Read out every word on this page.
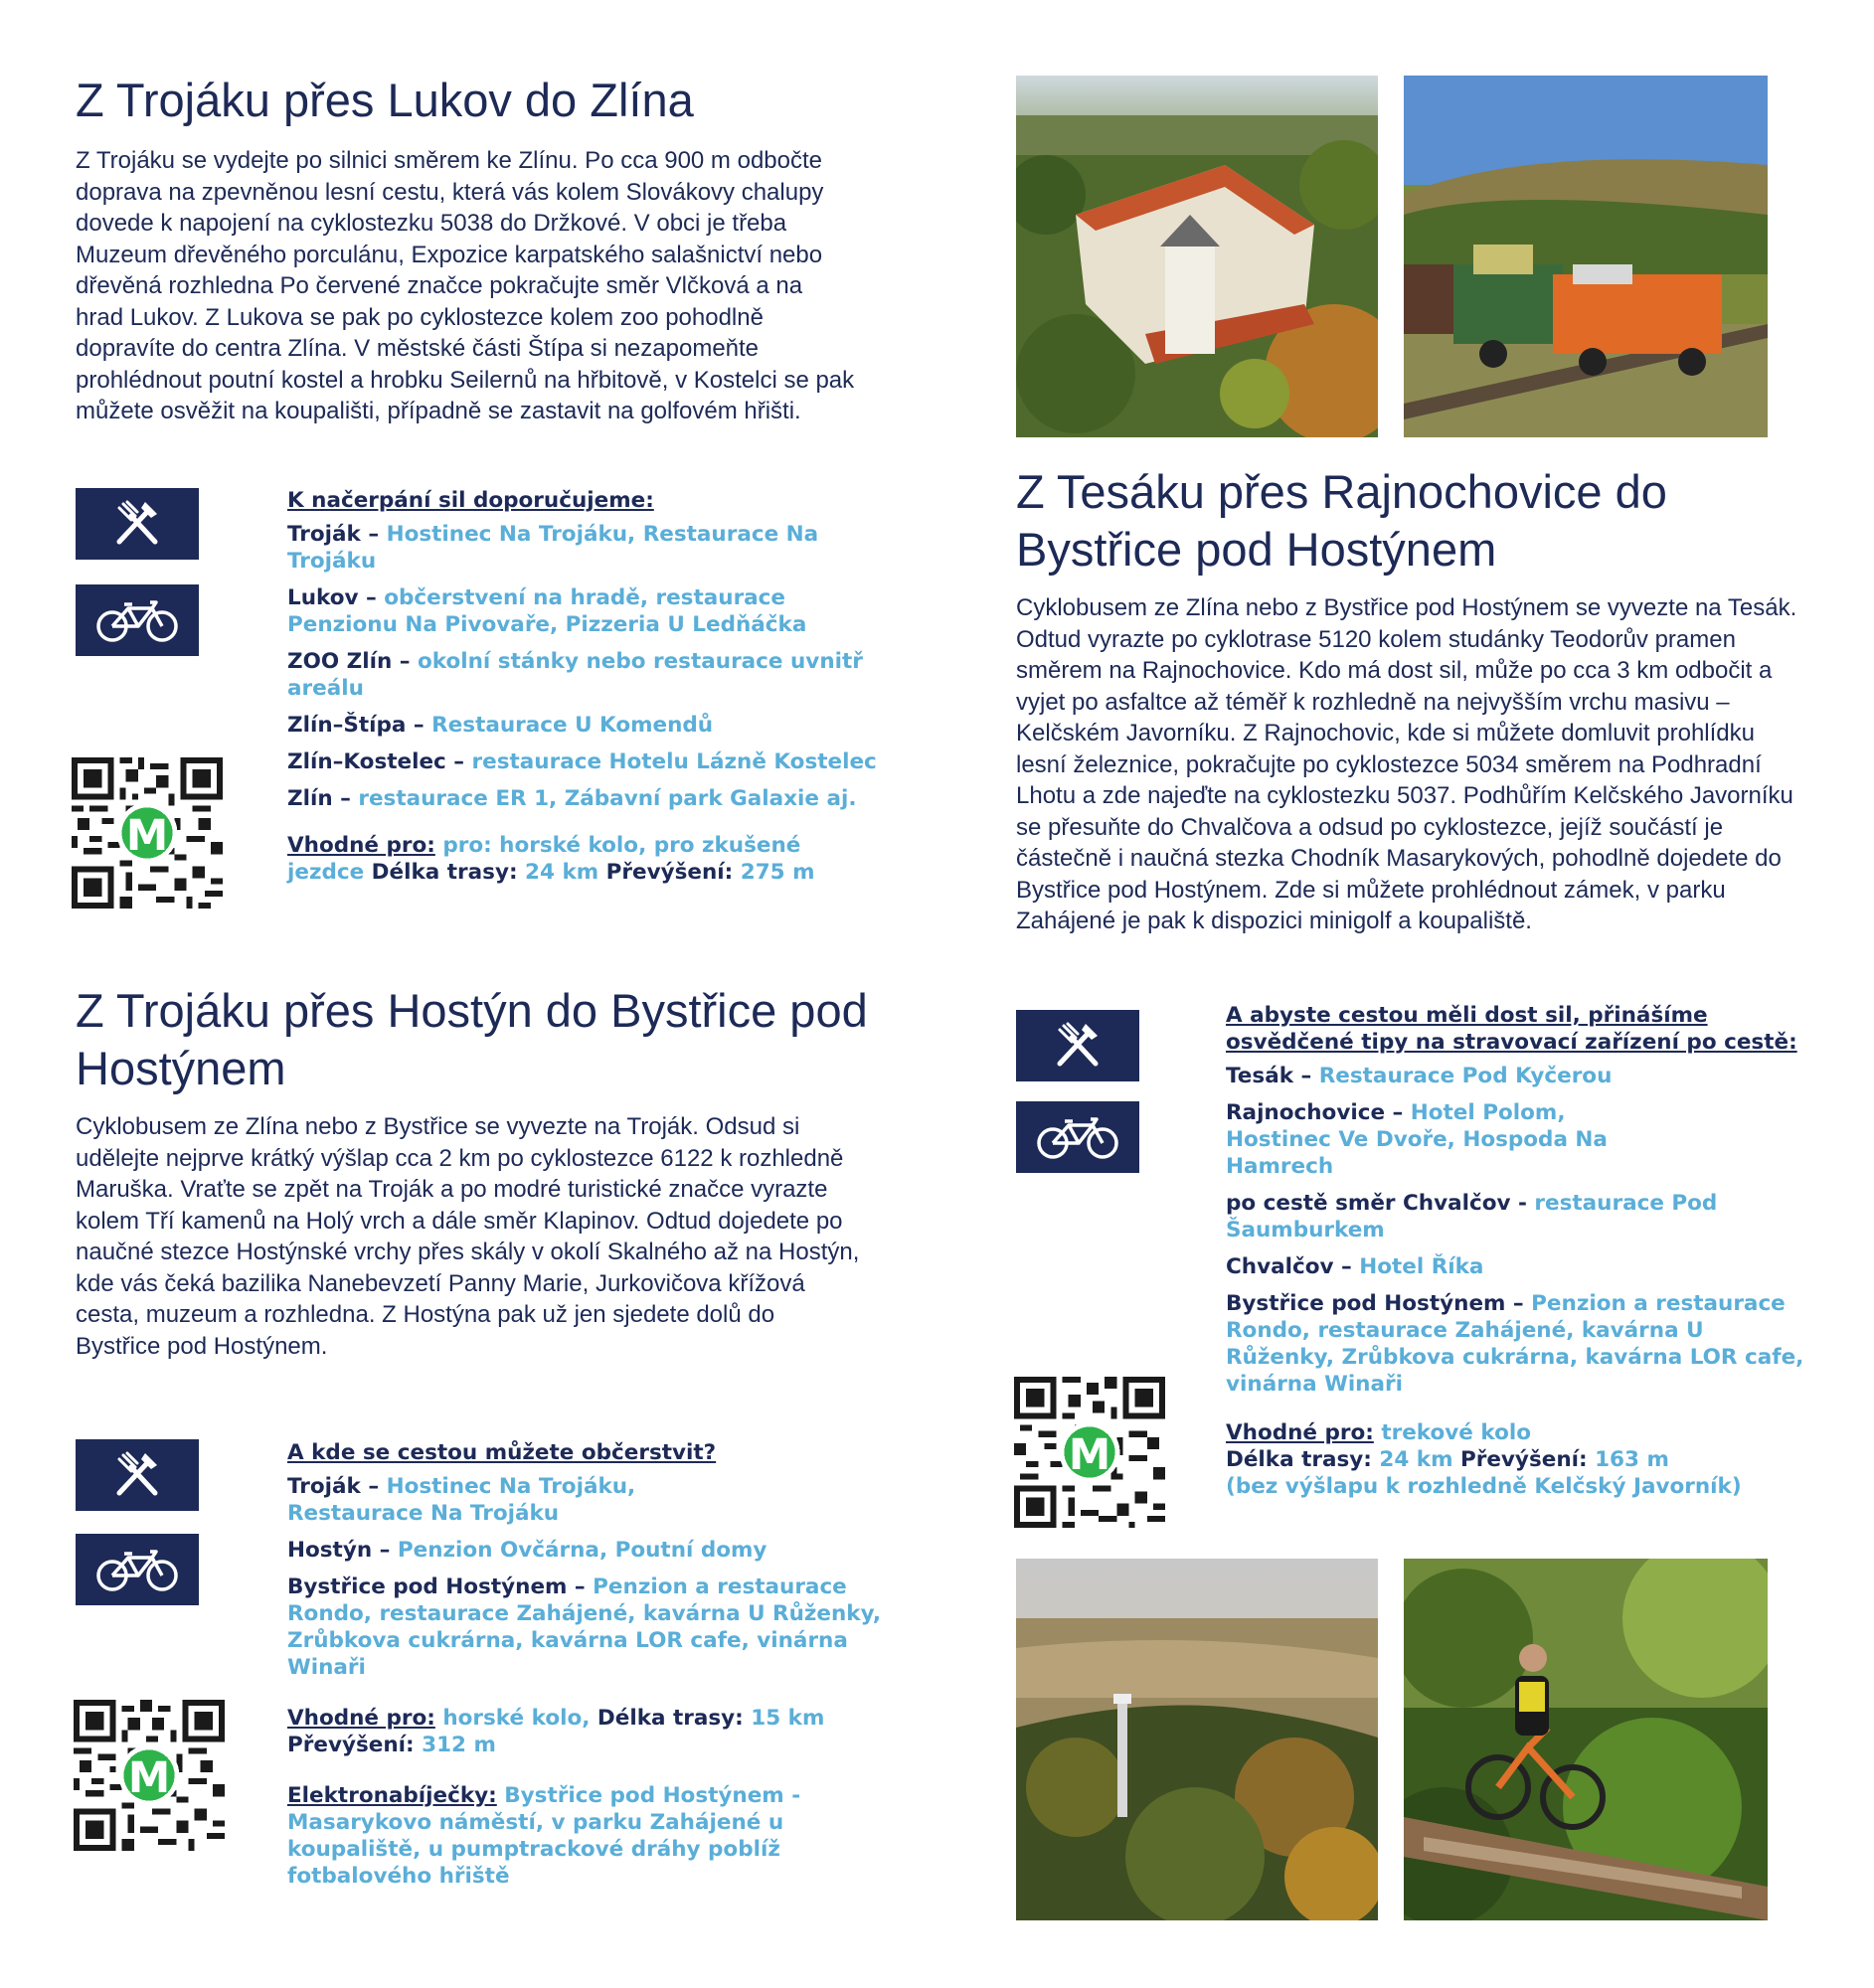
Z Trojáku přes Lukov do Zlína

Z Trojáku se vydejte po silnici směrem ke Zlínu. Po cca 900 m odbočte doprava na zpevněnou lesní cestu, která vás kolem Slovákovy chalupy dovede k napojení na cyklostezku 5038 do Držkové. V obci je třeba Muzeum dřevěného porculánu, Expozice karpatského salašnictví nebo dřevěná rozhledna Po červené značce pokračujte směr Vlčková a na hrad Lukov. Z Lukova se pak po cyklostezce kolem zoo pohodlně dopravíte do centra Zlína. V městské části Štípa si nezapomeňte prohlédnout poutní kostel a hrobku Seilernů na hřbitově, v Kostelci se pak můžete osvěžit na koupališti, případně se zastavit na golfovém hřišti.

M
K načerpání sil doporučujeme:
Troják – Hostinec Na Trojáku, Restaurace Na Trojáku
Lukov – občerstvení na hradě, restaurace Penzionu Na Pivovaře, Pizzeria U Ledňáčka
ZOO Zlín – okolní stánky nebo restaurace uvnitř areálu
Zlín–Štípa – Restaurace U Komendů
Zlín–Kostelec – restaurace Hotelu Lázně Kostelec
Zlín – restaurace ER 1, Zábavní park Galaxie aj.
Vhodné pro: pro: horské kolo, pro zkušené jezdce Délka trasy: 24 km Převýšení: 275 m
Z Trojáku přes Hostýn do Bystřice pod Hostýnem

Cyklobusem ze Zlína nebo z Bystřice se vyvezte na Troják. Odsud si udělejte nejprve krátký výšlap cca 2 km po cyklostezce 6122 k rozhledně Maruška. Vraťte se zpět na Troják a po modré turistické značce vyrazte kolem Tří kamenů na Holý vrch a dále směr Klapinov. Odtud dojedete po naučné stezce Hostýnské vrchy přes skály v okolí Skalného až na Hostýn, kde vás čeká bazilika Nanebevzetí Panny Marie, Jurkovičova křížová cesta, muzeum a rozhledna. Z Hostýna pak už jen sjedete dolů do Bystřice pod Hostýnem.

M
A kde se cestou můžete občerstvit?
Troják – Hostinec Na Trojáku, Restaurace Na Trojáku
Hostýn – Penzion Ovčárna, Poutní domy
Bystřice pod Hostýnem – Penzion a restaurace Rondo, restaurace Zahájené, kavárna U Růženky, Zrůbkova cukrárna, kavárna LOR cafe, vinárna Winaři
Vhodné pro: horské kolo, Délka trasy: 15 km
Převýšení: 312 m
Elektronabíječky: Bystřice pod Hostýnem - Masarykovo náměstí, v parku Zahájené u koupaliště, u pumptrackové dráhy poblíž fotbalového hřiště
Z Tesáku přes Rajnochovice do Bystřice pod Hostýnem

Cyklobusem ze Zlína nebo z Bystřice pod Hostýnem se vyvezte na Tesák. Odtud vyrazte po cyklotrase 5120 kolem studánky Teodorův pramen směrem na Rajnochovice. Kdo má dost sil, může po cca 3 km odbočit a vyjet po asfaltce až téměř k rozhledně na nejvyšším vrchu masivu – Kelčském Javorníku. Z Rajnochovic, kde si můžete domluvit prohlídku lesní železnice, pokračujte po cyklostezce 5034 směrem na Podhradní Lhotu a zde najeďte na cyklostezku 5037. Podhůřím Kelčského Javorníku se přesuňte do Chvalčova a odsud po cyklostezce, jejíž součástí je částečně i naučná stezka Chodník Masarykových, pohodlně dojedete do Bystřice pod Hostýnem. Zde si můžete prohlédnout zámek, v parku Zahájené je pak k dispozici minigolf a koupaliště.

M
A abyste cestou měli dost sil, přinášíme osvědčené tipy na stravovací zařízení po cestě:
Tesák – Restaurace Pod Kyčerou
Rajnochovice – Hotel Polom, Hostinec Ve Dvoře, Hospoda Na Hamrech
po cestě směr Chvalčov - restaurace Pod Šaumburkem
Chvalčov – Hotel Říka
Bystřice pod Hostýnem – Penzion a restaurace Rondo, restaurace Zahájené, kavárna U Růženky, Zrůbkova cukrárna, kavárna LOR cafe, vinárna Winaři
Vhodné pro: trekové kolo
Délka trasy: 24 km Převýšení: 163 m
(bez výšlapu k rozhledně Kelčský Javorník)
